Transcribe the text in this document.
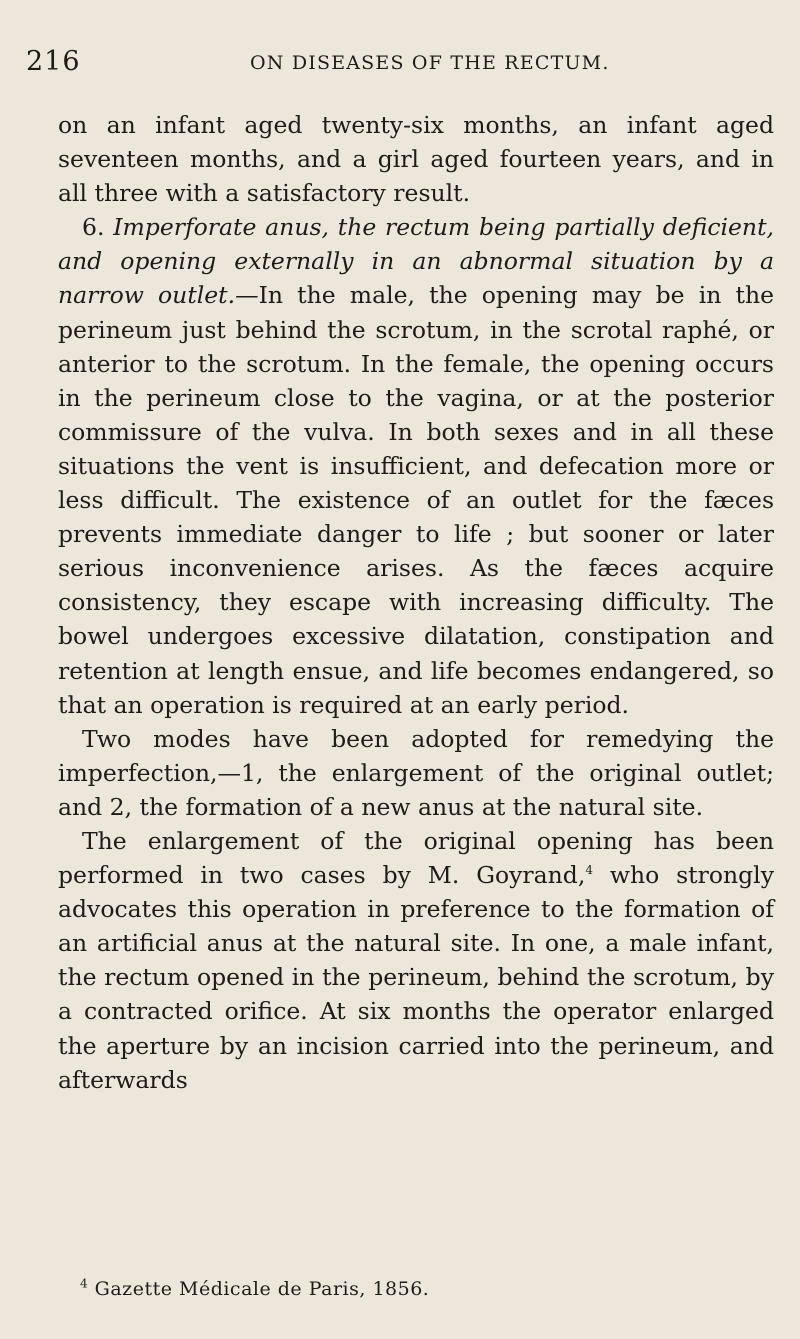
216	ON DISEASES OF THE RECTUM.

on an infant aged twenty-six months, an infant aged seventeen months, and a girl aged fourteen years, and in all three with a satisfactory result.

6. Imperforate anus, the rectum being partially deficient, and opening externally in an abnormal situation by a narrow outlet.—In the male, the opening may be in the perineum just behind the scrotum, in the scrotal raphé, or anterior to the scrotum. In the female, the opening occurs in the perineum close to the vagina, or at the posterior commissure of the vulva. In both sexes and in all these situations the vent is insufficient, and defecation more or less difficult. The existence of an outlet for the fæces prevents immediate danger to life ; but sooner or later serious inconvenience arises. As the fæces acquire consistency, they escape with increasing difficulty. The bowel undergoes excessive dilatation, constipation and retention at length ensue, and life becomes endangered, so that an operation is required at an early period.

Two modes have been adopted for remedying the imperfection,—1, the enlargement of the original outlet; and 2, the formation of a new anus at the natural site.

The enlargement of the original opening has been performed in two cases by M. Goyrand,$^4$ who strongly advocates this operation in preference to the formation of an artificial anus at the natural site. In one, a male infant, the rectum opened in the perineum, behind the scrotum, by a contracted orifice. At six months the operator enlarged the aperture by an incision carried into the perineum, and afterwards

$^4$ Gazette Médicale de Paris, 1856.
